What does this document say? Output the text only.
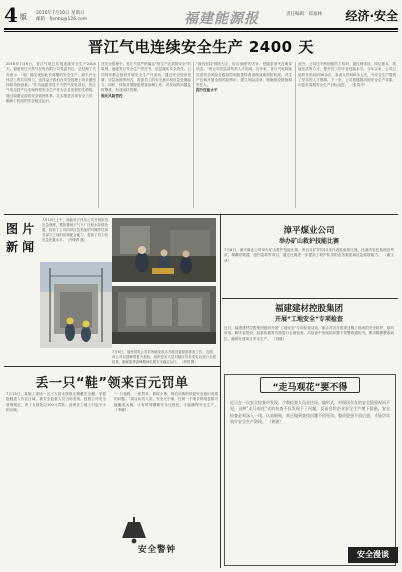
4 版 2016年7月10日 星期日
邮箱：fjxnbs@126.com	福建能源报	责任编辑：郑福林 经济·安全
晋江气电连续安全生产 2400 天
2016年7月6日，晋江气电已实现连续安全生产2400天。福建晋江天然气发电有限公司党委书记、总经理丁天亮表示：“电厂能实现如此长周期的安全生产，离不开全体员工的共同努力，也得益于我们在安全管理上的长期坚持和持续创新。”作为福建省首个天然气发电项目，晋江气电自投产以来始终将安全生产作为企业发展的生命线，通过构建完善的安全管理体系，扎实推进各项安全工作，确保了机组的安全稳定运行。
在安全管理中，晋江气电严格落实“管生产必须管安全”的原则，逐级签订安全生产责任书，层层落实安全责任。公司每年都会组织开展安全生产月活动，通过安全知识竞赛、应急演练等形式，提高员工的安全意识和应急处置能力。同时，持续开展隐患排查治理工作，对发现的问题及时整改，形成闭环管理。
强化风险管控
“我们坚持‘预防为主、综合治理’的方针，把隐患消灭在萌芽状态。”该公司安监部负责人介绍说。近年来，晋江气电持续完善安全风险分级管控和隐患排查治理双重预防机制，对生产区域开展全面风险辨识，建立风险清单，明确管控措施和责任人。
提升技能水平
此外，公司还不断加强员工培训，通过师带徒、岗位练兵、技能比武等方式，提升员工的专业技能水平。今年以来，公司已组织各类培训30余次，参训人员600余人次，为安全生产提供了坚实的人才保障。下一步，公司将继续巩固安全生产成果，向更长周期安全生产目标迈进。 （张春平）
图 片
新 闻
7月10日上午，福能晋江热电公司开展防汛应急演练，模拟暴雨天气下厂区积水险情处置，检验了公司防汛应急预案的可操作性和各部门之间的协调配合能力，提高了员工的应急处置水平。（许晓莉 摄）
7月6日，福州供电公司对所辖变电站开展设备隐患排查工作。近期，该公司以迎峰度夏为契机，组织技术人员对辖区内各变电站进行全面检查，确保夏季高峰期间电网安全稳定运行。（李锐 摄）
漳平煤业公司
举办矿山救护技能比赛
7月8日，漳平煤业公司举办矿山救护技能比赛，来自各矿井的12支代表队参加比赛。比赛内容包括理论考试、佩戴呼吸器、创伤急救等项目，通过比赛进一步提高了救护队员的业务素质和应急救援能力。 （谢文华）
福建建材控股集团
开展“工地安全”专项检查
近日，福建建材控股集团组织开展“工地安全”专项检查活动，重点对各在建项目施工现场的安全防护、临时用电、脚手架搭设、起重机械等方面进行全面检查，对检查中发现的问题下发整改通知书，要求限期整改到位，确保在建项目安全生产。 （刘健）
“走马观花”要不得
近日在一次安全检查中发现，少数检查人员走过场、搞形式，对现场存在的安全隐患视而不见，这种“走马观花”式的检查不仅发现不了问题，反而会给企业安全生产埋下隐患。安全检查必须深入一线、认真细致，真正做到查找问题不留死角、整改隐患不留后患，才能切实筑牢安全生产防线。 （黄建）
丢一只“鞋”领来百元罚单
7月15日，某施工现场一名工人因未按规定佩戴安全帽、穿着拖鞋进入作业区域，被安全监督人员当场发现。按照公司安全管理规定，该工人被处以100元罚款。此事在工地上引起不小的反响。
“一只拖鞋，一张罚单，看似小事，背后反映的却是安全意识淡薄的问题。”项目负责人说。安全无小事，任何一个细节的疏忽都可能酿成大祸，只有时刻绷紧安全这根弦，才能确保安全生产。 （李晓）
安全警钟	安全漫谈
